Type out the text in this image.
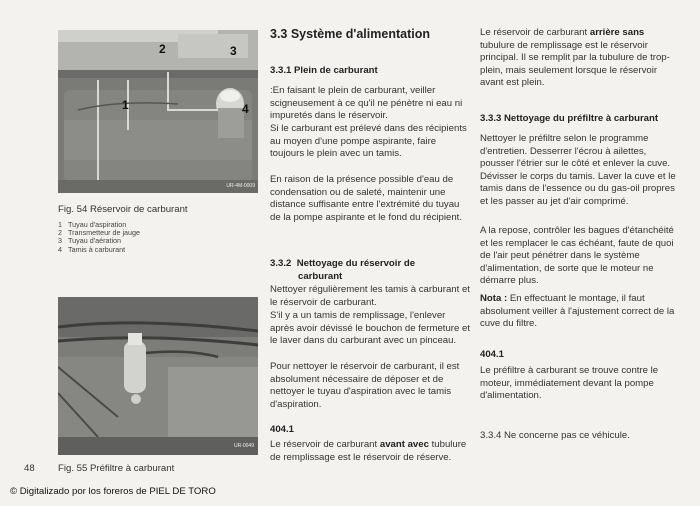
1
2	3
4
UR-4M-0009
Fig. 54 Réservoir de carburant
1 Tuyau d'aspiration
2 Transmetteur de jauge
3 Tuyau d'aération
4 Tamis à carburant
UR-0049
48 Fig. 55 Préfiltre à carburant
© Digitalizado por los foreros de PIEL DE TORO
3.3 Système d'alimentation
3.3.1 Plein de carburant

:En faisant le plein de carburant, veiller scigneusement à ce qu'il ne pénètre ni eau ni impuretés dans le réservoir.

Si le carburant est prélevé dans des récipients au moyen d'une pompe aspirante, faire toujours le plein avec un tamis.

En raison de la présence possible d'eau de condensation ou de saleté, maintenir une distance suffisante entre l'extrémité du tuyau de la pompe aspirante et le fond du récipient.

3.3.2 Nettoyage du réservoir de
carburant

Nettoyer régulièrement les tamis à carburant et le réservoir de carburant.

S'il y a un tamis de remplissage, l'enlever après avoir dévissé le bouchon de fermeture et le laver dans du carburant avec un pinceau.

Pour nettoyer le réservoir de carburant, il est absolument nécessaire de déposer et de nettoyer le tuyau d'aspiration avec le tamis d'aspiration.

404.1

Le réservoir de carburant avant avec tubulure de remplissage est le réservoir de réserve.

Le réservoir de carburant arrière sans tubulure de remplissage est le réservoir principal. Il se remplit par la tubulure de trop-plein, mais seulement lorsque le réservoir avant est plein.

3.3.3 Nettoyage du préfiltre à carburant

Nettoyer le préfiltre selon le programme d'entretien. Desserrer l'écrou à ailettes, pousser l'étrier sur le côté et enlever la cuve. Dévisser le corps du tamis. Laver la cuve et le tamis dans de l'essence ou du gas-oil propres et les passer au jet d'air comprimé.

A la repose, contrôler les bagues d'étanchéité et les remplacer le cas échéant, faute de quoi de l'air peut pénétrer dans le système d'alimentation, de sorte que le moteur ne démarre plus.

Nota : En effectuant le montage, il faut absolument veiller à l'ajustement correct de la cuve du filtre.

404.1

Le préfiltre à carburant se trouve contre le moteur, immédiatement devant la pompe d'alimentation.

3.3.4 Ne concerne pas ce véhicule.
